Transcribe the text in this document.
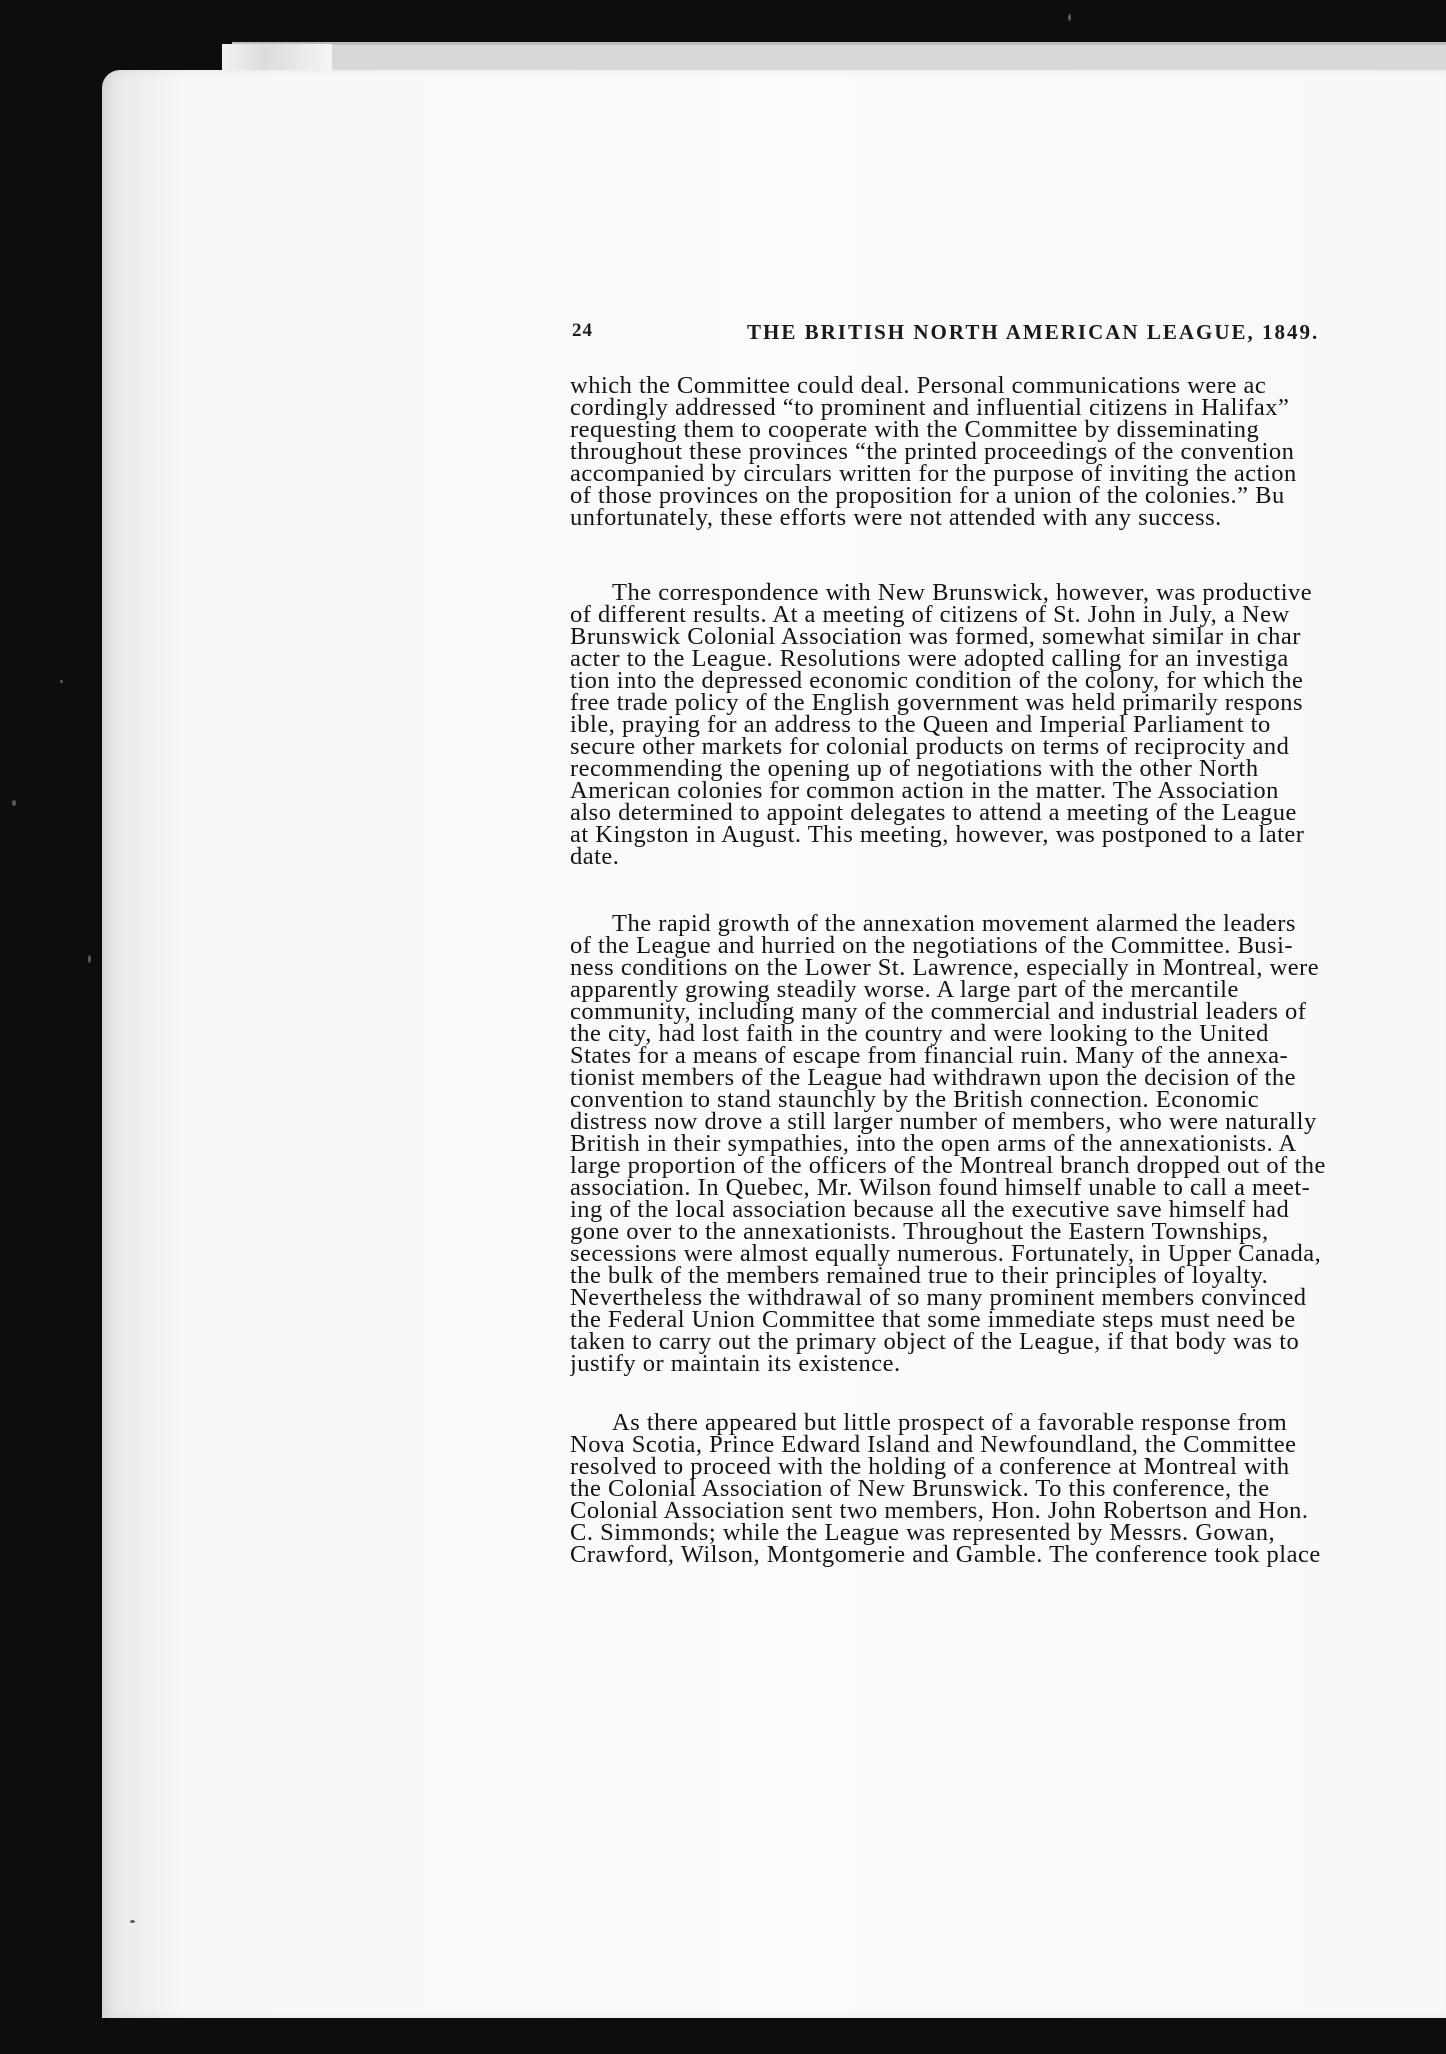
24	THE BRITISH NORTH AMERICAN LEAGUE, 1849.
which the Committee could deal. Personal communications were ac
cordingly addressed “to prominent and influential citizens in Halifax”
requesting them to cooperate with the Committee by disseminating
throughout these provinces “the printed proceedings of the convention
accompanied by circulars written for the purpose of inviting the action
of those provinces on the proposition for a union of the colonies.” Bu
unfortunately, these efforts were not attended with any success.
The correspondence with New Brunswick, however, was productive
of different results. At a meeting of citizens of St. John in July, a New
Brunswick Colonial Association was formed, somewhat similar in char
acter to the League. Resolutions were adopted calling for an investiga
tion into the depressed economic condition of the colony, for which the
free trade policy of the English government was held primarily respons
ible, praying for an address to the Queen and Imperial Parliament to
secure other markets for colonial products on terms of reciprocity and
recommending the opening up of negotiations with the other North
American colonies for common action in the matter. The Association
also determined to appoint delegates to attend a meeting of the League
at Kingston in August. This meeting, however, was postponed to a later
date.
The rapid growth of the annexation movement alarmed the leaders
of the League and hurried on the negotiations of the Committee. Busi-
ness conditions on the Lower St. Lawrence, especially in Montreal, were
apparently growing steadily worse. A large part of the mercantile
community, including many of the commercial and industrial leaders of
the city, had lost faith in the country and were looking to the United
States for a means of escape from financial ruin. Many of the annexa-
tionist members of the League had withdrawn upon the decision of the
convention to stand staunchly by the British connection. Economic
distress now drove a still larger number of members, who were naturally
British in their sympathies, into the open arms of the annexationists. A
large proportion of the officers of the Montreal branch dropped out of the
association. In Quebec, Mr. Wilson found himself unable to call a meet-
ing of the local association because all the executive save himself had
gone over to the annexationists. Throughout the Eastern Townships,
secessions were almost equally numerous. Fortunately, in Upper Canada,
the bulk of the members remained true to their principles of loyalty.
Nevertheless the withdrawal of so many prominent members convinced
the Federal Union Committee that some immediate steps must need be
taken to carry out the primary object of the League, if that body was to
justify or maintain its existence.
As there appeared but little prospect of a favorable response from
Nova Scotia, Prince Edward Island and Newfoundland, the Committee
resolved to proceed with the holding of a conference at Montreal with
the Colonial Association of New Brunswick. To this conference, the
Colonial Association sent two members, Hon. John Robertson and Hon.
C. Simmonds; while the League was represented by Messrs. Gowan,
Crawford, Wilson, Montgomerie and Gamble. The conference took place
